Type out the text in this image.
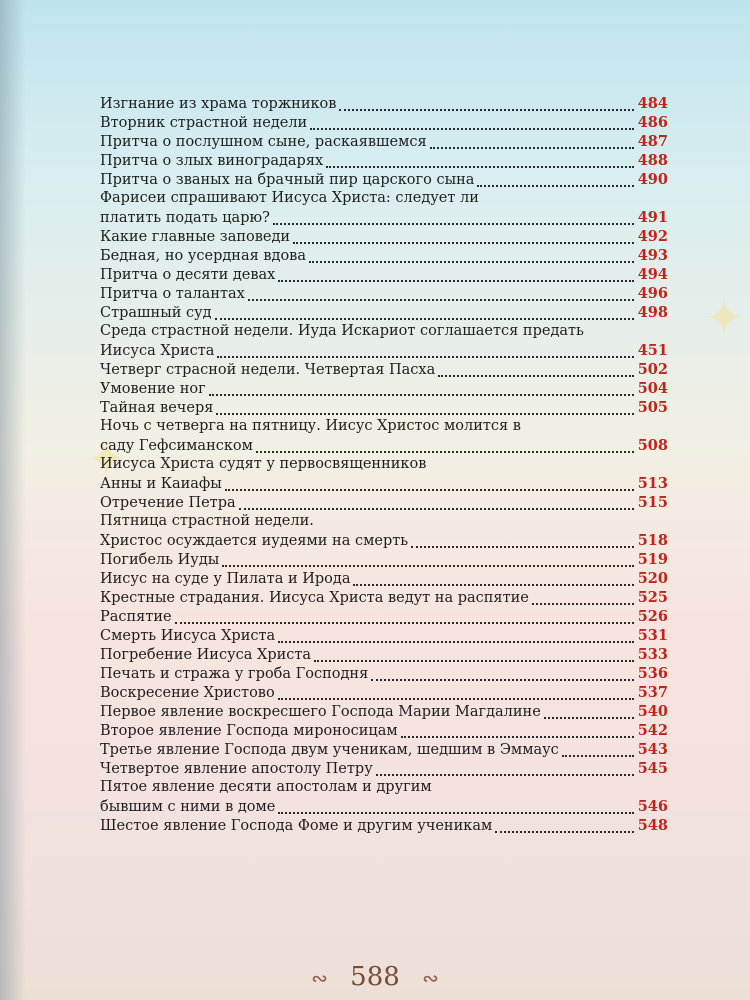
✦
✦
Изгнание из храма торжников	484
Вторник страстной недели	486
Притча о послушном сыне, раскаявшемся	487
Притча о злых виноградарях	488
Притча о званых на брачный пир царского сына	490
Фарисеи спрашивают Иисуса Христа: следует ли
платить подать царю?	491
Какие главные заповеди	492
Бедная, но усердная вдова	493
Притча о десяти девах	494
Притча о талантах	496
Страшный суд	498
Среда страстной недели. Иуда Искариот соглашается предать
Иисуса Христа	451
Четверг страсной недели. Четвертая Пасха	502
Умовение ног	504
Тайная вечеря	505
Ночь с четверга на пятницу. Иисус Христос молится в
саду Гефсиманском	508
Иисуса Христа судят у первосвященников
Анны и Каиафы	513
Отречение Петра	515
Пятница страстной недели.
Христос осуждается иудеями на смерть	518
Погибель Иуды	519
Иисус на суде у Пилата и Ирода	520
Крестные страдания. Иисуса Христа ведут на распятие	525
Распятие	526
Смерть Иисуса Христа	531
Погребение Иисуса Христа	533
Печать и стража у гроба Господня	536
Воскресение Христово	537
Первое явление воскресшего Господа Марии Магдалине	540
Второе явление Господа мироносицам	542
Третье явление Господа двум ученикам, шедшим в Эммаус	543
Четвертое явление апостолу Петру	545
Пятое явление десяти апостолам и другим
бывшим с ними в доме	546
Шестое явление Господа Фоме и другим ученикам	548
∾ 588 ∾
